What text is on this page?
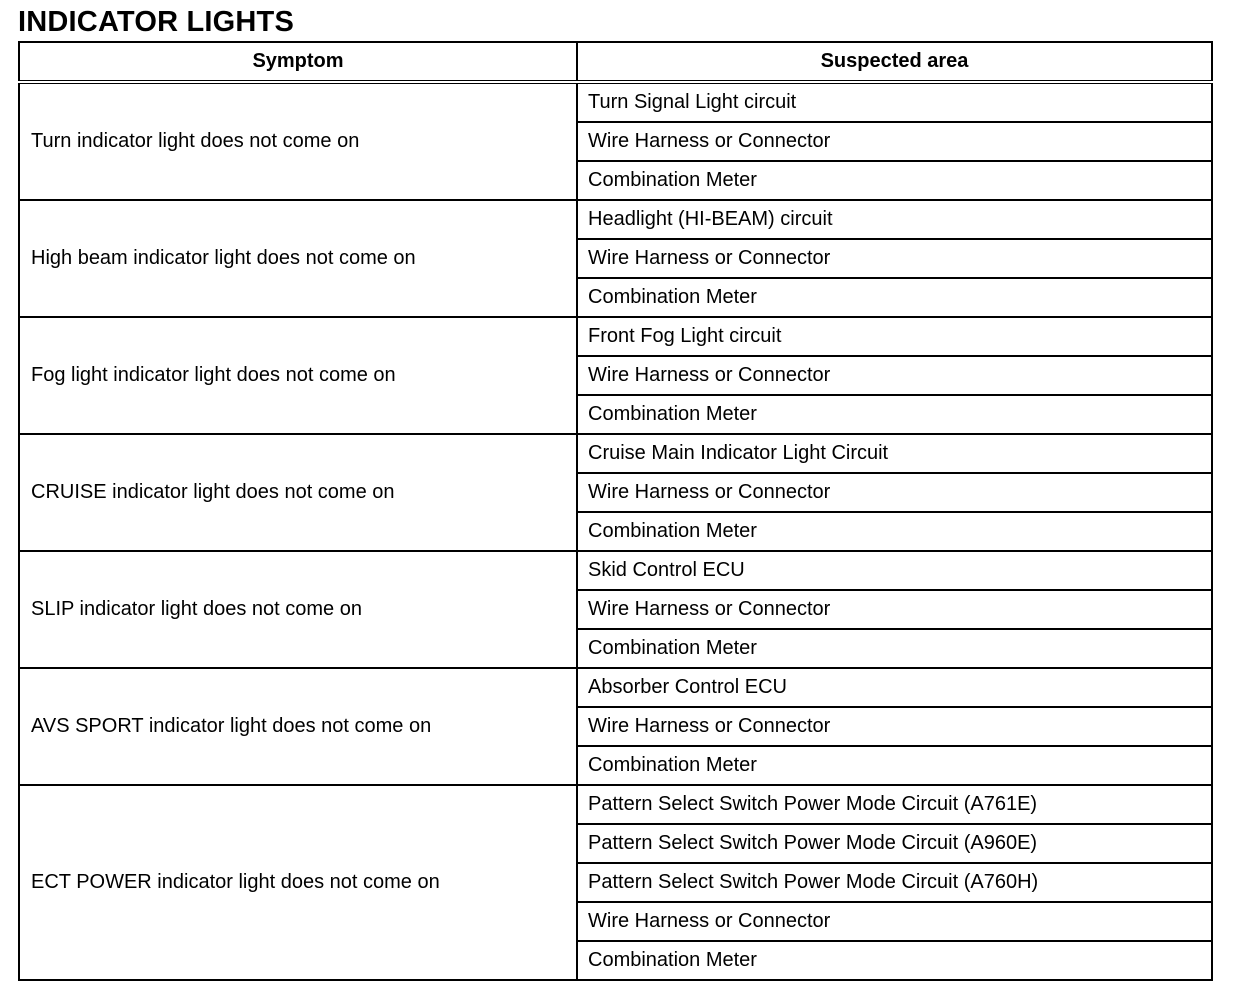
INDICATOR LIGHTS
Symptom	Suspected area
Turn indicator light does not come on	Turn Signal Light circuit
	Wire Harness or Connector
	Combination Meter
High beam indicator light does not come on	Headlight (HI-BEAM) circuit
	Wire Harness or Connector
	Combination Meter
Fog light indicator light does not come on	Front Fog Light circuit
	Wire Harness or Connector
	Combination Meter
CRUISE indicator light does not come on	Cruise Main Indicator Light Circuit
	Wire Harness or Connector
	Combination Meter
SLIP indicator light does not come on	Skid Control ECU
	Wire Harness or Connector
	Combination Meter
AVS SPORT indicator light does not come on	Absorber Control ECU
	Wire Harness or Connector
	Combination Meter
ECT POWER indicator light does not come on	Pattern Select Switch Power Mode Circuit (A761E)
	Pattern Select Switch Power Mode Circuit (A960E)
	Pattern Select Switch Power Mode Circuit (A760H)
	Wire Harness or Connector
	Combination Meter
